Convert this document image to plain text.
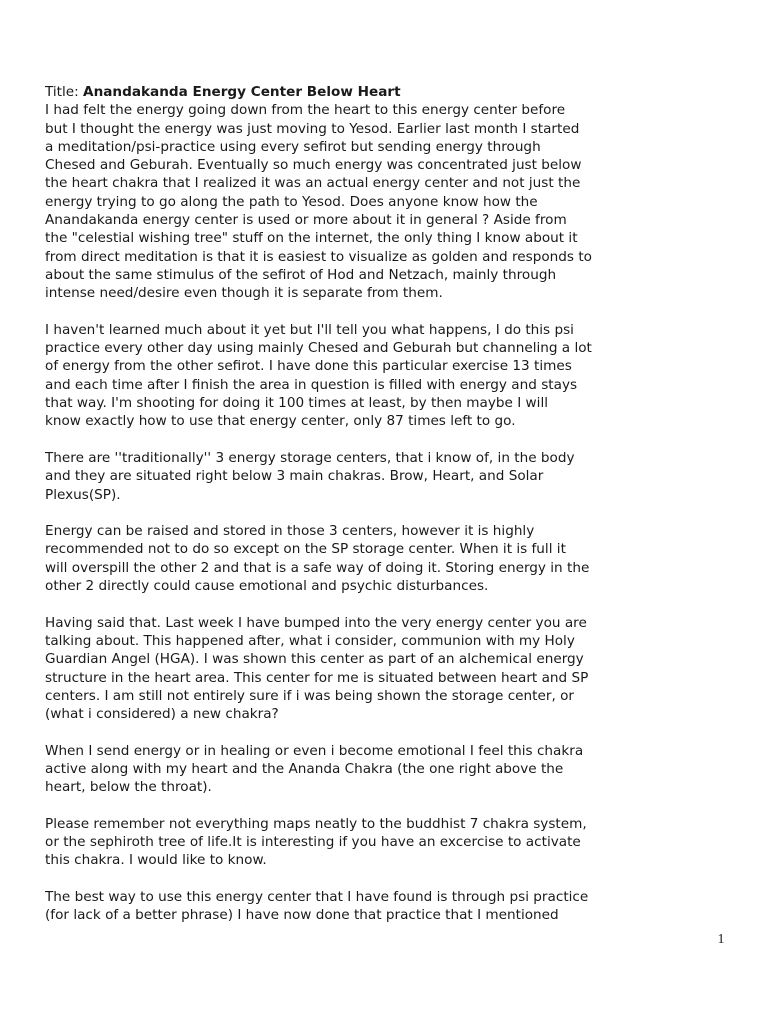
Title: Anandakanda Energy Center Below Heart

I had felt the energy going down from the heart to this energy center before
but I thought the energy was just moving to Yesod. Earlier last month I started
a meditation/psi-practice using every sefirot but sending energy through
Chesed and Geburah. Eventually so much energy was concentrated just below
the heart chakra that I realized it was an actual energy center and not just the
energy trying to go along the path to Yesod. Does anyone know how the
Anandakanda energy center is used or more about it in general ? Aside from
the "celestial wishing tree" stuff on the internet, the only thing I know about it
from direct meditation is that it is easiest to visualize as golden and responds to
about the same stimulus of the sefirot of Hod and Netzach, mainly through
intense need/desire even though it is separate from them.
I haven't learned much about it yet but I'll tell you what happens, I do this psi
practice every other day using mainly Chesed and Geburah but channeling a lot
of energy from the other sefirot. I have done this particular exercise 13 times
and each time after I finish the area in question is filled with energy and stays
that way. I'm shooting for doing it 100 times at least, by then maybe I will
know exactly how to use that energy center, only 87 times left to go.
There are ''traditionally'' 3 energy storage centers, that i know of, in the body
and they are situated right below 3 main chakras. Brow, Heart, and Solar
Plexus(SP).
Energy can be raised and stored in those 3 centers, however it is highly
recommended not to do so except on the SP storage center. When it is full it
will overspill the other 2 and that is a safe way of doing it. Storing energy in the
other 2 directly could cause emotional and psychic disturbances.
Having said that. Last week I have bumped into the very energy center you are
talking about. This happened after, what i consider, communion with my Holy
Guardian Angel (HGA). I was shown this center as part of an alchemical energy
structure in the heart area. This center for me is situated between heart and SP
centers. I am still not entirely sure if i was being shown the storage center, or
(what i considered) a new chakra?
When I send energy or in healing or even i become emotional I feel this chakra
active along with my heart and the Ananda Chakra (the one right above the
heart, below the throat).
Please remember not everything maps neatly to the buddhist 7 chakra system,
or the sephiroth tree of life.It is interesting if you have an excercise to activate
this chakra. I would like to know.
The best way to use this energy center that I have found is through psi practice
(for lack of a better phrase) I have now done that practice that I mentioned
1
